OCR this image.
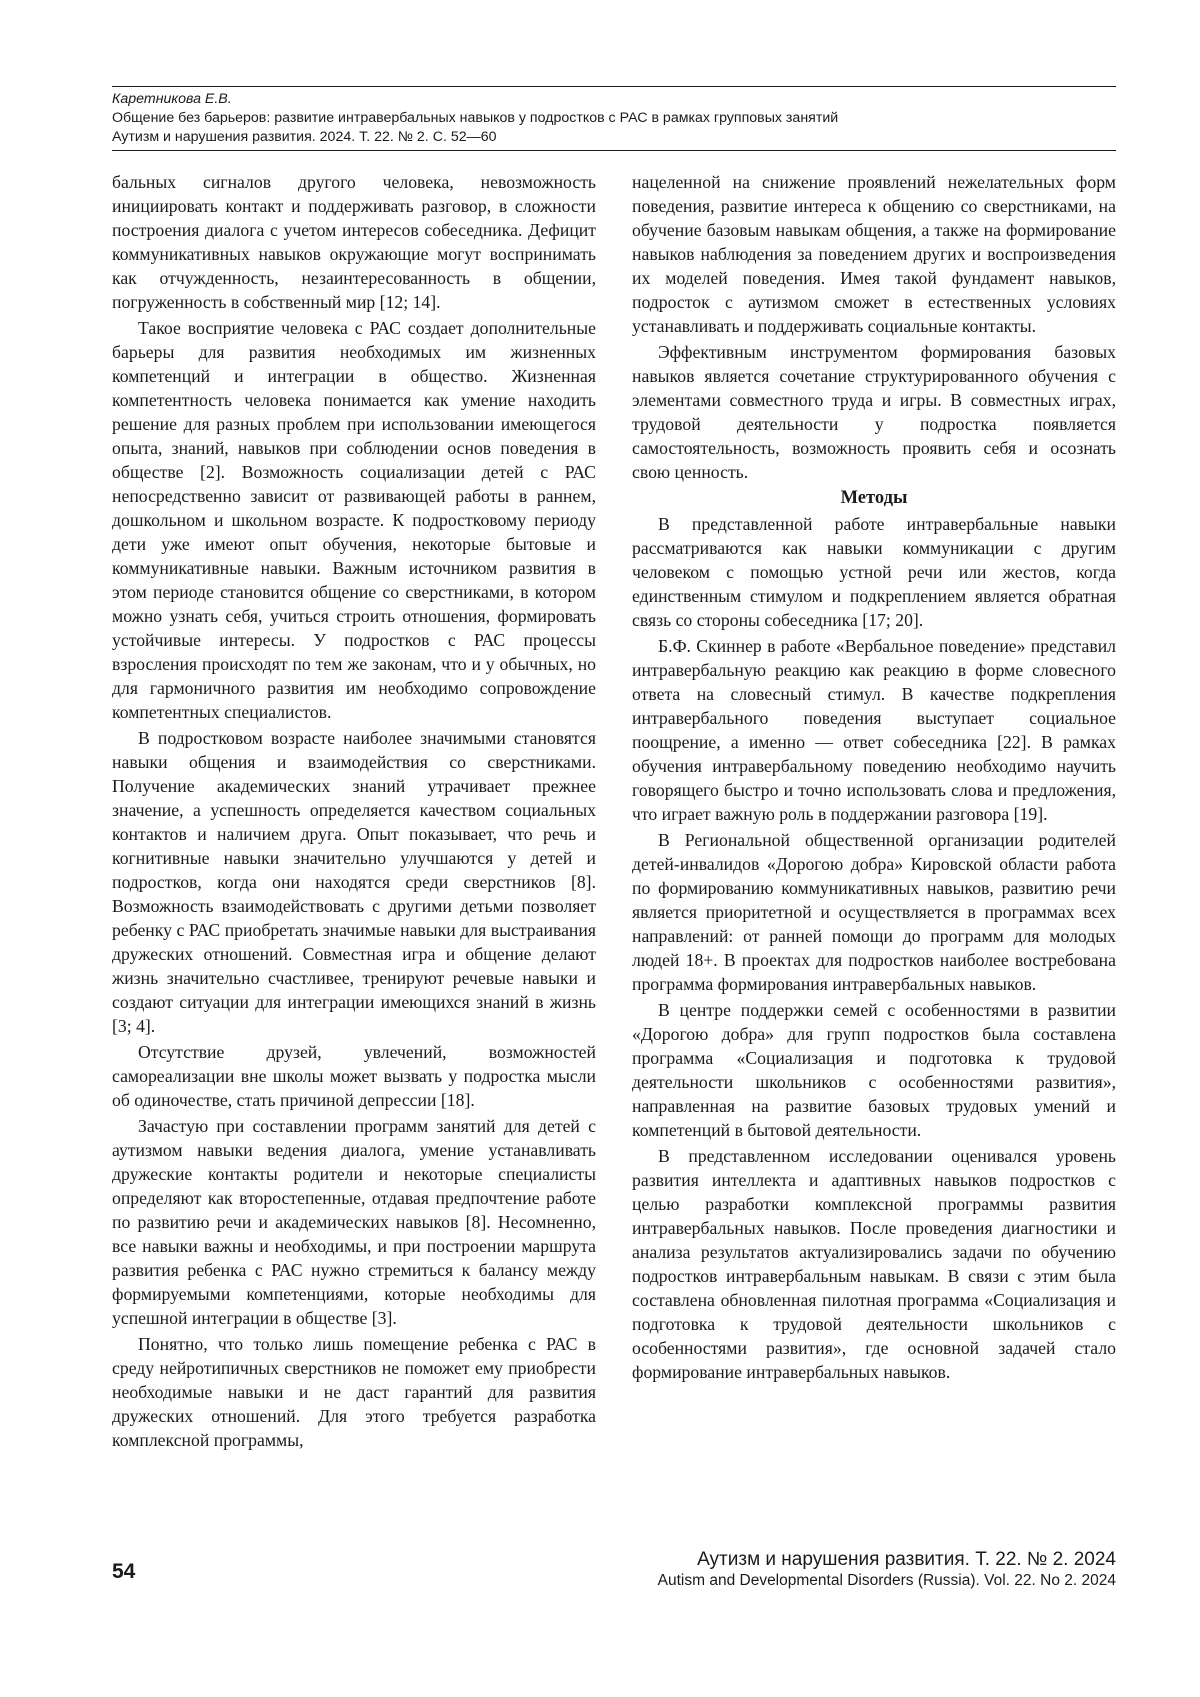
Каретникова Е.В.
Общение без барьеров: развитие интравербальных навыков у подростков с РАС в рамках групповых занятий
Аутизм и нарушения развития. 2024. Т. 22. № 2. С. 52—60

бальных сигналов другого человека, невозможность инициировать контакт и поддерживать разговор, в сложности построения диалога с учетом интересов собеседника. Дефицит коммуникативных навыков окружающие могут воспринимать как отчужденность, незаинтересованность в общении, погруженность в собственный мир [12; 14].

Такое восприятие человека с РАС создает дополнительные барьеры для развития необходимых им жизненных компетенций и интеграции в общество. Жизненная компетентность человека понимается как умение находить решение для разных проблем при использовании имеющегося опыта, знаний, навыков при соблюдении основ поведения в обществе [2]. Возможность социализации детей с РАС непосредственно зависит от развивающей работы в раннем, дошкольном и школьном возрасте. К подростковому периоду дети уже имеют опыт обучения, некоторые бытовые и коммуникативные навыки. Важным источником развития в этом периоде становится общение со сверстниками, в котором можно узнать себя, учиться строить отношения, формировать устойчивые интересы. У подростков с РАС процессы взросления происходят по тем же законам, что и у обычных, но для гармоничного развития им необходимо сопровождение компетентных специалистов.

В подростковом возрасте наиболее значимыми становятся навыки общения и взаимодействия со сверстниками. Получение академических знаний утрачивает прежнее значение, а успешность определяется качеством социальных контактов и наличием друга. Опыт показывает, что речь и когнитивные навыки значительно улучшаются у детей и подростков, когда они находятся среди сверстников [8]. Возможность взаимодействовать с другими детьми позволяет ребенку с РАС приобретать значимые навыки для выстраивания дружеских отношений. Совместная игра и общение делают жизнь значительно счастливее, тренируют речевые навыки и создают ситуации для интеграции имеющихся знаний в жизнь [3; 4].

Отсутствие друзей, увлечений, возможностей самореализации вне школы может вызвать у подростка мысли об одиночестве, стать причиной депрессии [18].

Зачастую при составлении программ занятий для детей с аутизмом навыки ведения диалога, умение устанавливать дружеские контакты родители и некоторые специалисты определяют как второстепенные, отдавая предпочтение работе по развитию речи и академических навыков [8]. Несомненно, все навыки важны и необходимы, и при построении маршрута развития ребенка с РАС нужно стремиться к балансу между формируемыми компетенциями, которые необходимы для успешной интеграции в обществе [3].

Понятно, что только лишь помещение ребенка с РАС в среду нейротипичных сверстников не поможет ему приобрести необходимые навыки и не даст гарантий для развития дружеских отношений. Для этого требуется разработка комплексной программы,

нацеленной на снижение проявлений нежелательных форм поведения, развитие интереса к общению со сверстниками, на обучение базовым навыкам общения, а также на формирование навыков наблюдения за поведением других и воспроизведения их моделей поведения. Имея такой фундамент навыков, подросток с аутизмом сможет в естественных условиях устанавливать и поддерживать социальные контакты.

Эффективным инструментом формирования базовых навыков является сочетание структурированного обучения с элементами совместного труда и игры. В совместных играх, трудовой деятельности у подростка появляется самостоятельность, возможность проявить себя и осознать свою ценность.

Методы

В представленной работе интравербальные навыки рассматриваются как навыки коммуникации с другим человеком с помощью устной речи или жестов, когда единственным стимулом и подкреплением является обратная связь со стороны собеседника [17; 20].

Б.Ф. Скиннер в работе «Вербальное поведение» представил интравербальную реакцию как реакцию в форме словесного ответа на словесный стимул. В качестве подкрепления интравербального поведения выступает социальное поощрение, а именно — ответ собеседника [22]. В рамках обучения интравербальному поведению необходимо научить говорящего быстро и точно использовать слова и предложения, что играет важную роль в поддержании разговора [19].

В Региональной общественной организации родителей детей-инвалидов «Дорогою добра» Кировской области работа по формированию коммуникативных навыков, развитию речи является приоритетной и осуществляется в программах всех направлений: от ранней помощи до программ для молодых людей 18+. В проектах для подростков наиболее востребована программа формирования интравербальных навыков.

В центре поддержки семей с особенностями в развитии «Дорогою добра» для групп подростков была составлена программа «Социализация и подготовка к трудовой деятельности школьников с особенностями развития», направленная на развитие базовых трудовых умений и компетенций в бытовой деятельности.

В представленном исследовании оценивался уровень развития интеллекта и адаптивных навыков подростков с целью разработки комплексной программы развития интравербальных навыков. После проведения диагностики и анализа результатов актуализировались задачи по обучению подростков интравербальным навыкам. В связи с этим была составлена обновленная пилотная программа «Социализация и подготовка к трудовой деятельности школьников с особенностями развития», где основной задачей стало формирование интравербальных навыков.

54
Аутизм и нарушения развития. Т. 22. № 2. 2024
Autism and Developmental Disorders (Russia). Vol. 22. No 2. 2024
